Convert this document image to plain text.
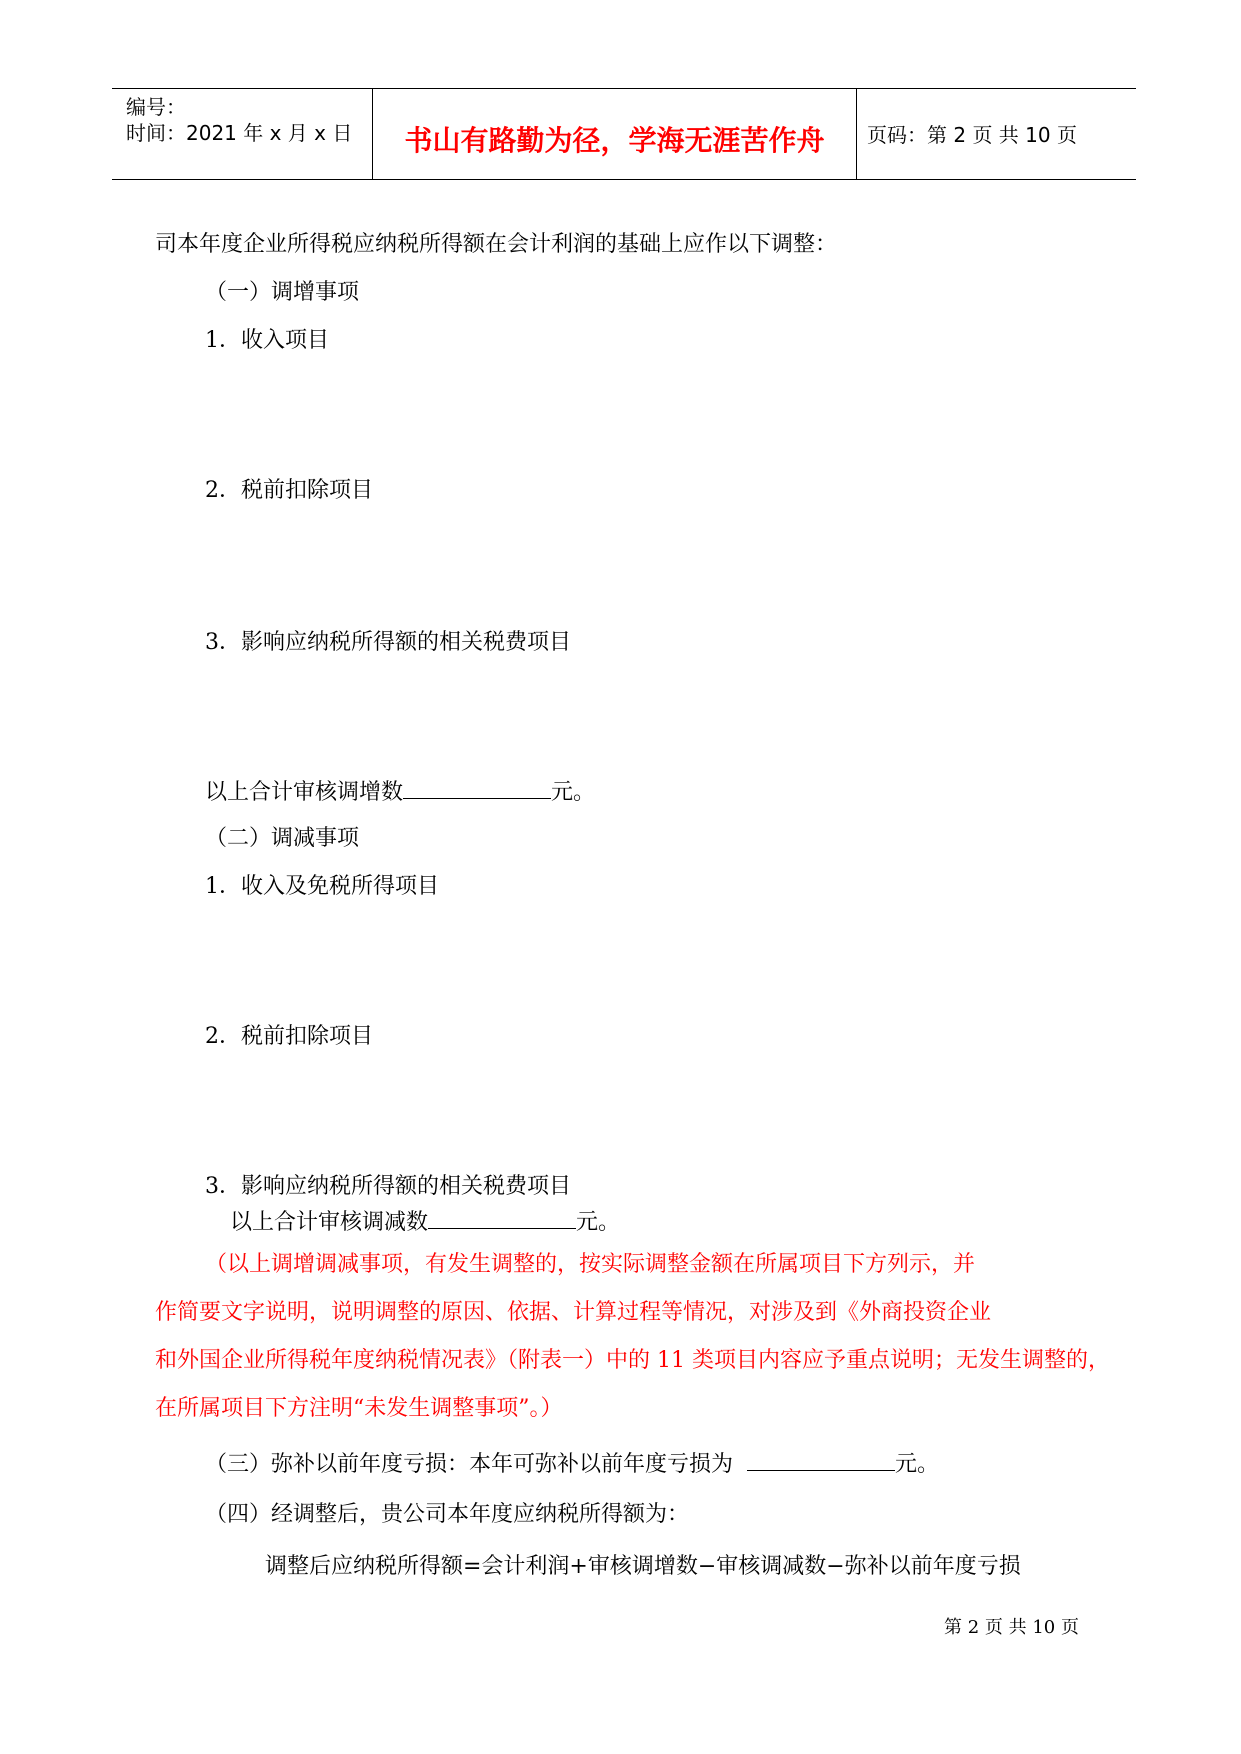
编号：
时间：2021 年 x 月 x 日	书山有路勤为径，学海无涯苦作舟	页码：第 2 页 共 10 页
司本年度企业所得税应纳税所得额在会计利润的基础上应作以下调整：
（一）调增事项
1．收入项目
2．税前扣除项目
3．影响应纳税所得额的相关税费项目
以上合计审核调增数	元。
（二）调减事项
1．收入及免税所得项目
2．税前扣除项目
3．影响应纳税所得额的相关税费项目
以上合计审核调减数	元。
（以上调增调减事项，有发生调整的，按实际调整金额在所属项目下方列示，并
作简要文字说明，说明调整的原因、依据、计算过程等情况，对涉及到《外商投资企业
和外国企业所得税年度纳税情况表》（附表一）中的 11 类项目内容应予重点说明；无发生调整的，
在所属项目下方注明“未发生调整事项”。）
（三）弥补以前年度亏损：本年可弥补以前年度亏损为	元。
（四）经调整后，贵公司本年度应纳税所得额为：
调整后应纳税所得额=会计利润+审核调增数−审核调减数−弥补以前年度亏损
第 2 页 共 10 页
